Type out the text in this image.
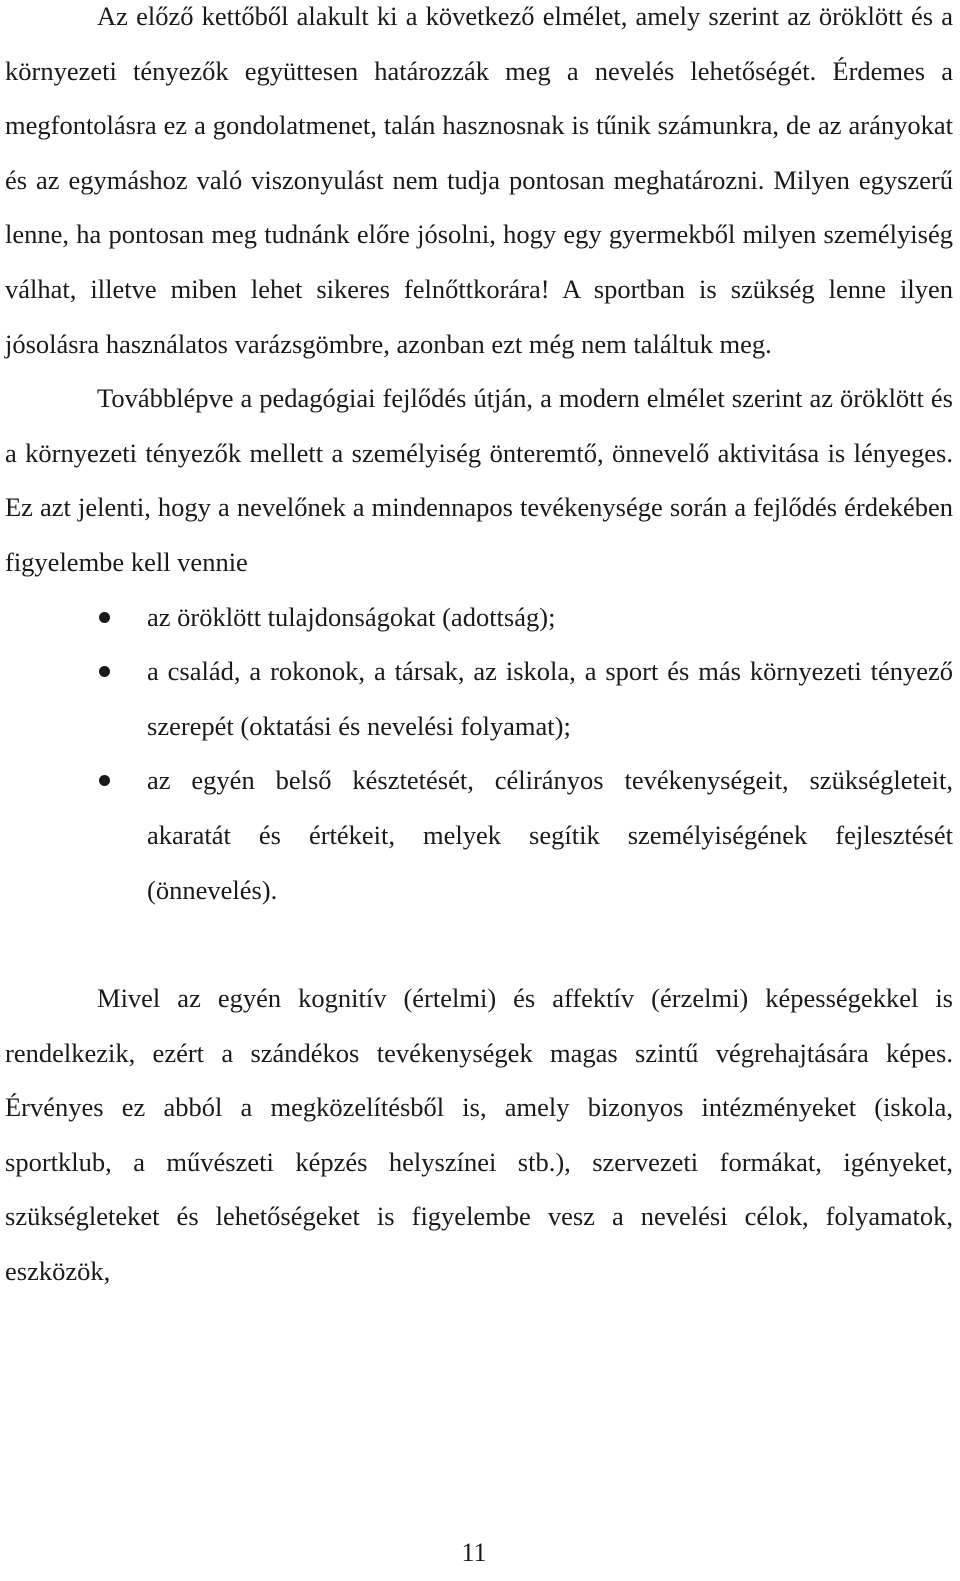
Az előző kettőből alakult ki a következő elmélet, amely szerint az öröklött és a környezeti tényezők együttesen határozzák meg a nevelés lehetőségét. Érdemes a megfontolásra ez a gondolatmenet, talán hasznosnak is tűnik számunkra, de az arányokat és az egymáshoz való viszonyulást nem tudja pontosan meghatározni. Milyen egyszerű lenne, ha pontosan meg tudnánk előre jósolni, hogy egy gyermekből milyen személyiség válhat, illetve miben lehet sikeres felnőttkorára! A sportban is szükség lenne ilyen jósolásra használatos varázsgömbre, azonban ezt még nem találtuk meg.

Továbblépve a pedagógiai fejlődés útján, a modern elmélet szerint az öröklött és a környezeti tényezők mellett a személyiség önteremtő, önnevelő aktivitása is lényeges. Ez azt jelenti, hogy a nevelőnek a mindennapos tevékenysége során a fejlődés érdekében figyelembe kell vennie

az öröklött tulajdonságokat (adottság);
a család, a rokonok, a társak, az iskola, a sport és más környezeti tényező szerepét (oktatási és nevelési folyamat);
az egyén belső késztetését, célirányos tevékenységeit, szükségleteit, akaratát és értékeit, melyek segítik személyiségének fejlesztését (önnevelés).

Mivel az egyén kognitív (értelmi) és affektív (érzelmi) képességekkel is rendelkezik, ezért a szándékos tevékenységek magas szintű végrehajtására képes. Érvényes ez abból a megközelítésből is, amely bizonyos intézményeket (iskola, sportklub, a művészeti képzés helyszínei stb.), szervezeti formákat, igényeket, szükségleteket és lehetőségeket is figyelembe vesz a nevelési célok, folyamatok, eszközök,

11
